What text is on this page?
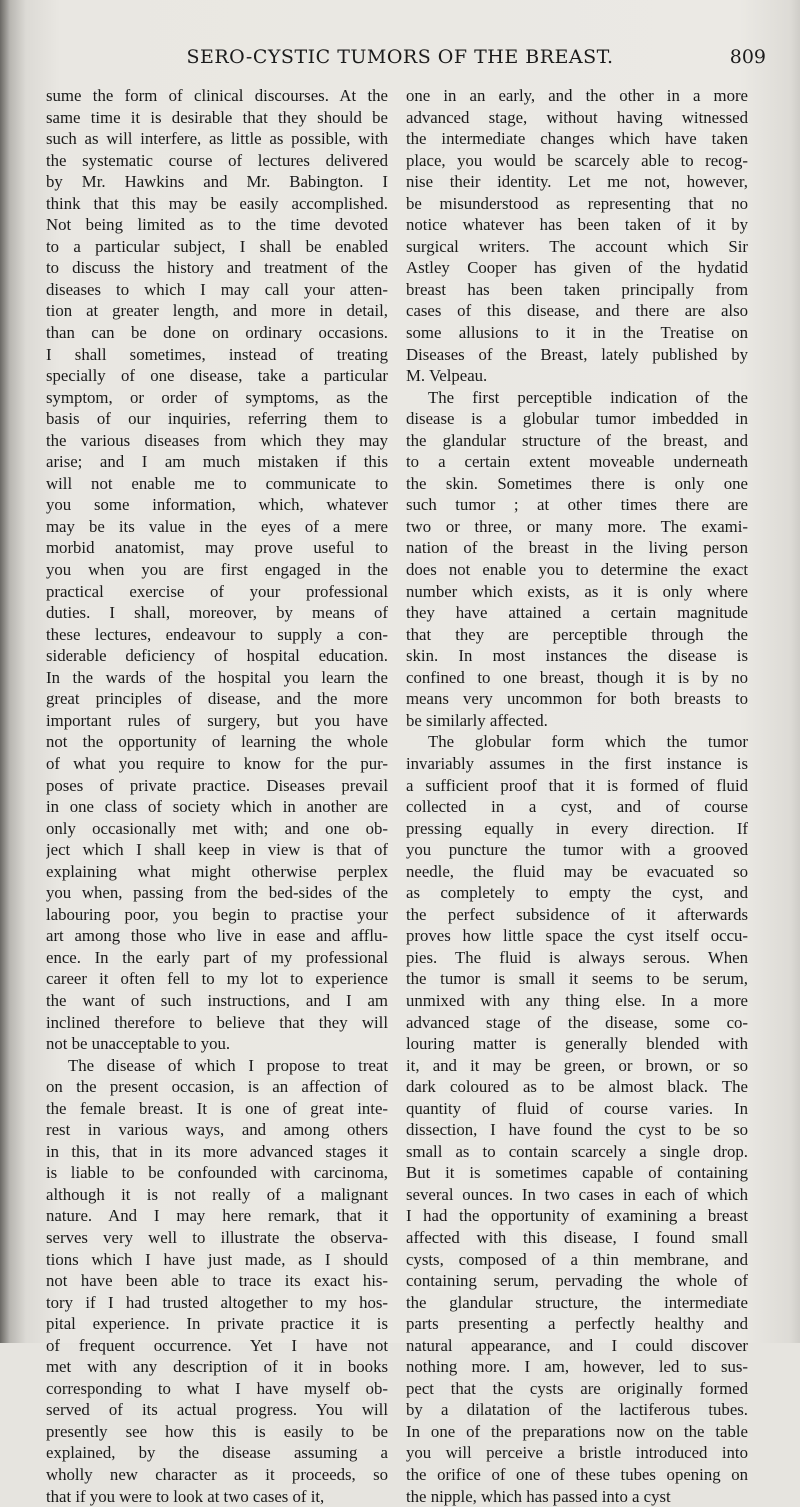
SERO-CYSTIC TUMORS OF THE BREAST.	809
sume the form of clinical discourses. At the
same time it is desirable that they should be
such as will interfere, as little as possible, with
the systematic course of lectures delivered
by Mr. Hawkins and Mr. Babington. I
think that this may be easily accomplished.
Not being limited as to the time devoted
to a particular subject, I shall be enabled
to discuss the history and treatment of the
diseases to which I may call your atten-
tion at greater length, and more in detail,
than can be done on ordinary occasions.
I shall sometimes, instead of treating
specially of one disease, take a particular
symptom, or order of symptoms, as the
basis of our inquiries, referring them to
the various diseases from which they may
arise; and I am much mistaken if this
will not enable me to communicate to
you some information, which, whatever
may be its value in the eyes of a mere
morbid anatomist, may prove useful to
you when you are first engaged in the
practical exercise of your professional
duties. I shall, moreover, by means of
these lectures, endeavour to supply a con-
siderable deficiency of hospital education.
In the wards of the hospital you learn the
great principles of disease, and the more
important rules of surgery, but you have
not the opportunity of learning the whole
of what you require to know for the pur-
poses of private practice. Diseases prevail
in one class of society which in another are
only occasionally met with; and one ob-
ject which I shall keep in view is that of
explaining what might otherwise perplex
you when, passing from the bed-sides of the
labouring poor, you begin to practise your
art among those who live in ease and afflu-
ence. In the early part of my professional
career it often fell to my lot to experience
the want of such instructions, and I am
inclined therefore to believe that they will
not be unacceptable to you.
The disease of which I propose to treat
on the present occasion, is an affection of
the female breast. It is one of great inte-
rest in various ways, and among others
in this, that in its more advanced stages it
is liable to be confounded with carcinoma,
although it is not really of a malignant
nature. And I may here remark, that it
serves very well to illustrate the observa-
tions which I have just made, as I should
not have been able to trace its exact his-
tory if I had trusted altogether to my hos-
pital experience. In private practice it is
of frequent occurrence. Yet I have not
met with any description of it in books
corresponding to what I have myself ob-
served of its actual progress. You will
presently see how this is easily to be
explained, by the disease assuming a
wholly new character as it proceeds, so
that if you were to look at two cases of it,
one in an early, and the other in a more
advanced stage, without having witnessed
the intermediate changes which have taken
place, you would be scarcely able to recog-
nise their identity. Let me not, however,
be misunderstood as representing that no
notice whatever has been taken of it by
surgical writers. The account which Sir
Astley Cooper has given of the hydatid
breast has been taken principally from
cases of this disease, and there are also
some allusions to it in the Treatise on
Diseases of the Breast, lately published by
M. Velpeau.
The first perceptible indication of the
disease is a globular tumor imbedded in
the glandular structure of the breast, and
to a certain extent moveable underneath
the skin. Sometimes there is only one
such tumor ; at other times there are
two or three, or many more. The exami-
nation of the breast in the living person
does not enable you to determine the exact
number which exists, as it is only where
they have attained a certain magnitude
that they are perceptible through the
skin. In most instances the disease is
confined to one breast, though it is by no
means very uncommon for both breasts to
be similarly affected.
The globular form which the tumor
invariably assumes in the first instance is
a sufficient proof that it is formed of fluid
collected in a cyst, and of course
pressing equally in every direction. If
you puncture the tumor with a grooved
needle, the fluid may be evacuated so
as completely to empty the cyst, and
the perfect subsidence of it afterwards
proves how little space the cyst itself occu-
pies. The fluid is always serous. When
the tumor is small it seems to be serum,
unmixed with any thing else. In a more
advanced stage of the disease, some co-
louring matter is generally blended with
it, and it may be green, or brown, or so
dark coloured as to be almost black. The
quantity of fluid of course varies. In
dissection, I have found the cyst to be so
small as to contain scarcely a single drop.
But it is sometimes capable of containing
several ounces. In two cases in each of which
I had the opportunity of examining a breast
affected with this disease, I found small
cysts, composed of a thin membrane, and
containing serum, pervading the whole of
the glandular structure, the intermediate
parts presenting a perfectly healthy and
natural appearance, and I could discover
nothing more. I am, however, led to sus-
pect that the cysts are originally formed
by a dilatation of the lactiferous tubes.
In one of the preparations now on the table
you will perceive a bristle introduced into
the orifice of one of these tubes opening on
the nipple, which has passed into a cyst
